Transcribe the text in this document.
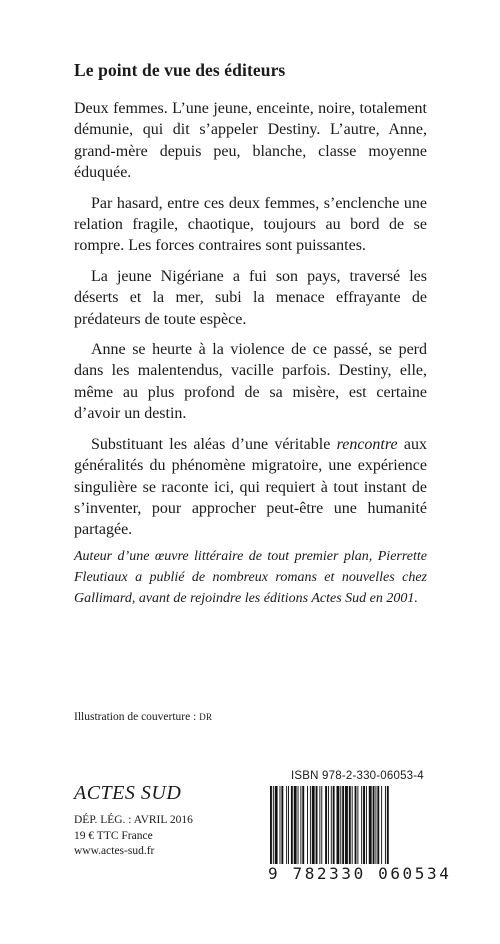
Le point de vue des éditeurs

Deux femmes. L’une jeune, enceinte, noire, totalement démunie, qui dit s’appeler Destiny. L’autre, Anne, grand-mère depuis peu, blanche, classe moyenne éduquée.

Par hasard, entre ces deux femmes, s’enclenche une relation fragile, chaotique, toujours au bord de se rompre. Les forces contraires sont puissantes.

La jeune Nigériane a fui son pays, traversé les déserts et la mer, subi la menace effrayante de prédateurs de toute espèce.

Anne se heurte à la violence de ce passé, se perd dans les malentendus, vacille parfois. Destiny, elle, même au plus profond de sa misère, est certaine d’avoir un destin.

Substituant les aléas d’une véritable rencontre aux généralités du phénomène migratoire, une expérience singulière se raconte ici, qui requiert à tout instant de s’inventer, pour approcher peut-être une humanité partagée.

Auteur d’une œuvre littéraire de tout premier plan, Pierrette Fleutiaux a publié de nombreux romans et nouvelles chez Gallimard, avant de rejoindre les éditions Actes Sud en 2001.
Illustration de couverture : DR
ACTES SUD
DÉP. LÉG. : AVRIL 2016
19 € TTC France
www.actes-sud.fr
ISBN 978-2-330-06053-4
9 782330 060534
